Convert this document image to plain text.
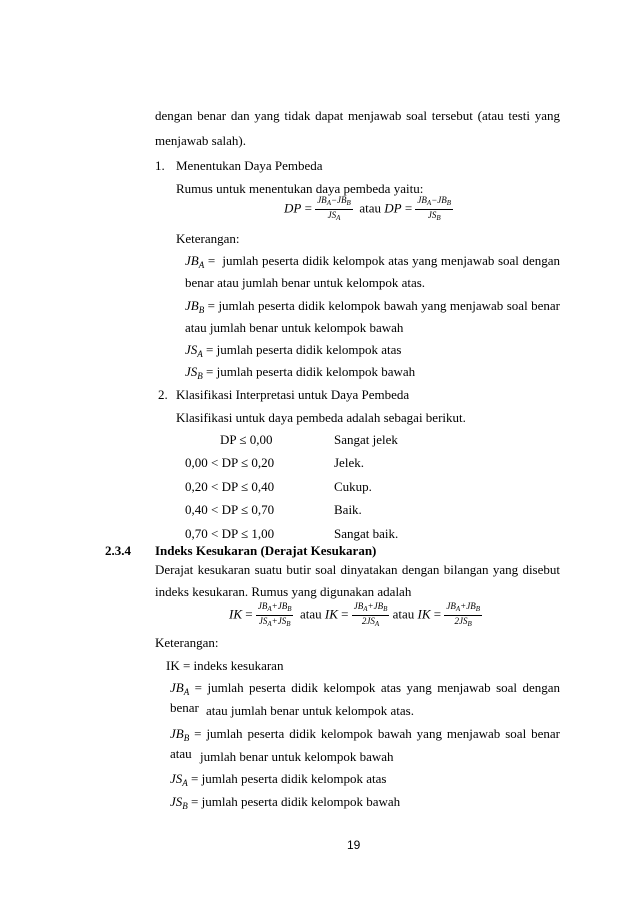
dengan benar dan yang tidak dapat menjawab soal tersebut (atau testi yang
menjawab salah).
1. Menentukan Daya Pembeda
Rumus untuk menentukan daya pembeda yaitu:
DP = $\frac{JB_A-JB_B}{JS_A}$ atau DP = $\frac{JB_A-JB_B}{JS_B}$
Keterangan:
$JB_A$ = jumlah peserta didik kelompok atas yang menjawab soal dengan
benar atau jumlah benar untuk kelompok atas.
$JB_B$ = jumlah peserta didik kelompok bawah yang menjawab soal benar
atau jumlah benar untuk kelompok bawah
$JS_A$ = jumlah peserta didik kelompok atas
$JS_B$ = jumlah peserta didik kelompok bawah
2. Klasifikasi Interpretasi untuk Daya Pembeda
Klasifikasi untuk daya pembeda adalah sebagai berikut.
DP ≤ 0,00	Sangat jelek
0,00 < DP ≤ 0,20	Jelek.
0,20 < DP ≤ 0,40	Cukup.
0,40 < DP ≤ 0,70	Baik.
0,70 < DP ≤ 1,00	Sangat baik.
2.3.4 Indeks Kesukaran (Derajat Kesukaran)
Derajat kesukaran suatu butir soal dinyatakan dengan bilangan yang disebut
indeks kesukaran. Rumus yang digunakan adalah
IK = $\frac{JB_A+JB_B}{JS_A+JS_B}$ atau IK = $\frac{JB_A+JB_B}{2JS_A}$ atau IK = $\frac{JB_A+JB_B}{2JS_B}$
Keterangan:
IK = indeks kesukaran
$JB_A$ = jumlah peserta didik kelompok atas yang menjawab soal dengan benar atau jumlah benar untuk kelompok atas.
$JB_B$ = jumlah peserta didik kelompok bawah yang menjawab soal benar atau jumlah benar untuk kelompok bawah
$JS_A$ = jumlah peserta didik kelompok atas
$JS_B$ = jumlah peserta didik kelompok bawah
19
